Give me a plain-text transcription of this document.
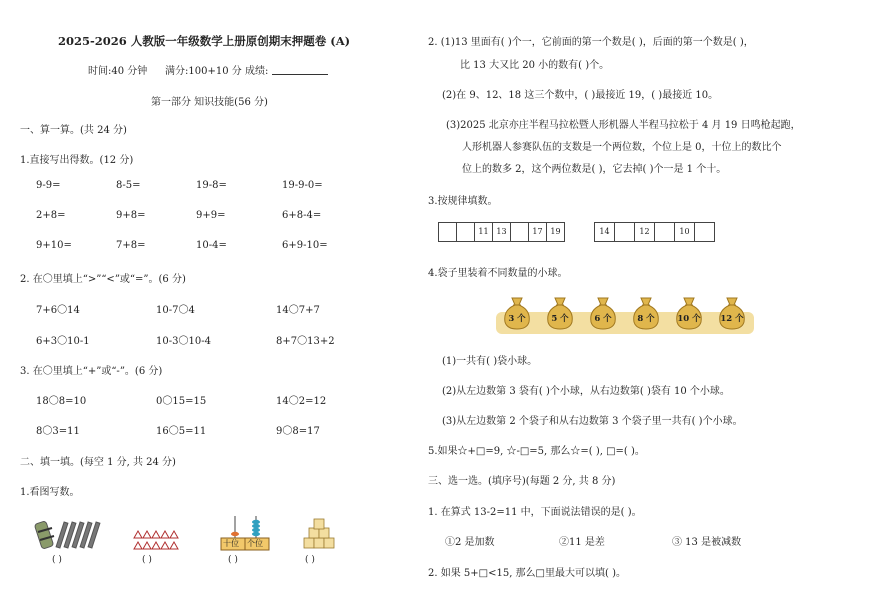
2025-2026 人教版一年级数学上册原创期末押题卷 (A)
时间:40 分钟 满分:100+10 分 成绩:
第一部分 知识技能(56 分)
一、算一算。(共 24 分)
1.直接写出得数。(12 分)
9-9=	8-5=	19-8=	19-9-0=
2+8=	9+8=	9+9=	6+8-4=
9+10=	7+8=	10-4=	6+9-10=
2. 在〇里填上“>”“<”或“=”。(6 分)
7+6〇14	10-7〇4	14〇7+7
6+3〇10-1	10-3〇10-4	8+7〇13+2
3. 在〇里填上“+”或“-”。(6 分)
18〇8=10	0〇15=15	14〇2=12
8〇3=11	16〇5=11	9〇8=17
二、填一填。(每空 1 分, 共 24 分)
1.看图写数。
十位 个位
( )	( )	( )	( )
2. (1)13 里面有( )个一，它前面的第一个数是( )，后面的第一个数是( )，
比 13 大又比 20 小的数有( )个。
(2)在 9、12、18 这三个数中，( )最接近 19，( )最接近 10。
(3)2025 北京亦庄半程马拉松暨人形机器人半程马拉松于 4 月 19 日鸣枪起跑，
人形机器人参赛队伍的支数是一个两位数，个位上是 0，十位上的数比个
位上的数多 2，这个两位数是( )，它去掉( )个一是 1 个十。
3.按规律填数。
11 13	17 19	14	12	10
4.袋子里装着不同数量的小球。
3 个	5 个	6 个	8 个	10 个	12 个
(1)一共有( )袋小球。
(2)从左边数第 3 袋有( )个小球，从右边数第( )袋有 10 个小球。
(3)从左边数第 2 个袋子和从右边数第 3 个袋子里一共有( )个小球。
5.如果☆+□=9, ☆-□=5, 那么☆=( ), □=( )。
三、选一选。(填序号)(每题 2 分, 共 8 分)
1. 在算式 13-2=11 中，下面说法错误的是( )。
①2 是加数	②11 是差	③ 13 是被减数
2. 如果 5+□<15, 那么□里最大可以填( )。
